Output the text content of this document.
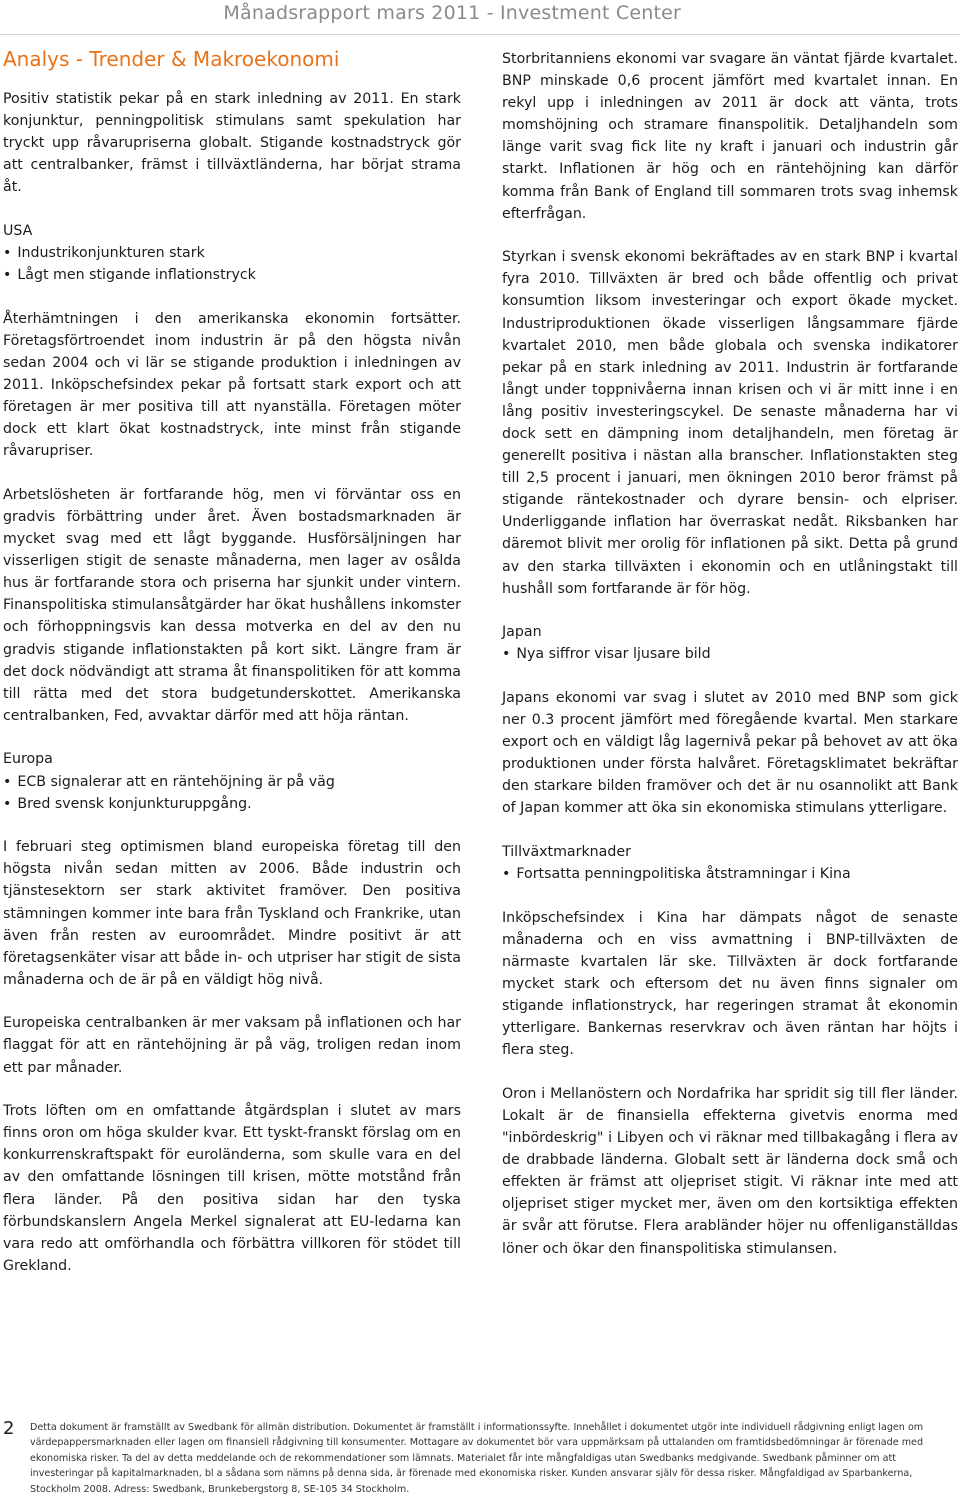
Månadsrapport mars 2011 - Investment Center
Analys - Trender & Makroekonomi

Positiv statistik pekar på en stark inledning av 2011. En stark konjunktur, penningpolitisk stimulans samt spekulation har tryckt upp råvarupriserna globalt. Stigande kostnadstryck gör att centralbanker, främst i tillväxtländerna, har börjat strama åt.

USA
• Industrikonjunkturen stark
• Lågt men stigande inflationstryck

Återhämtningen i den amerikanska ekonomin fortsätter. Företagsförtroendet inom industrin är på den högsta nivån sedan 2004 och vi lär se stigande produktion i inledningen av 2011. Inköpschefsindex pekar på fortsatt stark export och att företagen är mer positiva till att nyanställa. Företagen möter dock ett klart ökat kostnadstryck, inte minst från stigande råvarupriser.

Arbetslösheten är fortfarande hög, men vi förväntar oss en gradvis förbättring under året. Även bostadsmarknaden är mycket svag med ett lågt byggande. Husförsäljningen har visserligen stigit de senaste månaderna, men lager av osålda hus är fortfarande stora och priserna har sjunkit under vintern. Finanspolitiska stimulansåtgärder har ökat hushållens inkomster och förhoppningsvis kan dessa motverka en del av den nu gradvis stigande inflationstakten på kort sikt. Längre fram är det dock nödvändigt att strama åt finanspolitiken för att komma till rätta med det stora budgetunderskottet. Amerikanska centralbanken, Fed, avvaktar därför med att höja räntan.

Europa
• ECB signalerar att en räntehöjning är på väg
• Bred svensk konjunkturuppgång.

I februari steg optimismen bland europeiska företag till den högsta nivån sedan mitten av 2006. Både industrin och tjänstesektorn ser stark aktivitet framöver. Den positiva stämningen kommer inte bara från Tyskland och Frankrike, utan även från resten av euroområdet. Mindre positivt är att företagsenkäter visar att både in- och utpriser har stigit de sista månaderna och de är på en väldigt hög nivå.

Europeiska centralbanken är mer vaksam på inflationen och har flaggat för att en räntehöjning är på väg, troligen redan inom ett par månader.

Trots löften om en omfattande åtgärdsplan i slutet av mars finns oron om höga skulder kvar. Ett tyskt-franskt förslag om en konkurrenskraftspakt för euroländerna, som skulle vara en del av den omfattande lösningen till krisen, mötte motstånd från flera länder. På den positiva sidan har den tyska förbundskanslern Angela Merkel signalerat att EU-ledarna kan vara redo att omförhandla och förbättra villkoren för stödet till Grekland.

Storbritanniens ekonomi var svagare än väntat fjärde kvartalet. BNP minskade 0,6 procent jämfört med kvartalet innan. En rekyl upp i inledningen av 2011 är dock att vänta, trots momshöjning och stramare finanspolitik. Detaljhandeln som länge varit svag fick lite ny kraft i januari och industrin går starkt. Inflationen är hög och en räntehöjning kan därför komma från Bank of England till sommaren trots svag inhemsk efterfrågan.

Styrkan i svensk ekonomi bekräftades av en stark BNP i kvartal fyra 2010. Tillväxten är bred och både offentlig och privat konsumtion liksom investeringar och export ökade mycket. Industriproduktionen ökade visserligen långsammare fjärde kvartalet 2010, men både globala och svenska indikatorer pekar på en stark inledning av 2011. Industrin är fortfarande långt under toppnivåerna innan krisen och vi är mitt inne i en lång positiv investeringscykel. De senaste månaderna har vi dock sett en dämpning inom detaljhandeln, men företag är generellt positiva i nästan alla branscher. Inflationstakten steg till 2,5 procent i januari, men ökningen 2010 beror främst på stigande räntekostnader och dyrare bensin- och elpriser. Underliggande inflation har överraskat nedåt. Riksbanken har däremot blivit mer orolig för inflationen på sikt. Detta på grund av den starka tillväxten i ekonomin och en utlåningstakt till hushåll som fortfarande är för hög.

Japan
• Nya siffror visar ljusare bild

Japans ekonomi var svag i slutet av 2010 med BNP som gick ner 0.3 procent jämfört med föregående kvartal. Men starkare export och en väldigt låg lagernivå pekar på behovet av att öka produktionen under första halvåret. Företagsklimatet bekräftar den starkare bilden framöver och det är nu osannolikt att Bank of Japan kommer att öka sin ekonomiska stimulans ytterligare.

Tillväxtmarknader
• Fortsatta penningpolitiska åtstramningar i Kina

Inköpschefsindex i Kina har dämpats något de senaste månaderna och en viss avmattning i BNP-tillväxten de närmaste kvartalen lär ske. Tillväxten är dock fortfarande mycket stark och eftersom det nu även finns signaler om stigande inflationstryck, har regeringen stramat åt ekonomin ytterligare. Bankernas reservkrav och även räntan har höjts i flera steg.

Oron i Mellanöstern och Nordafrika har spridit sig till fler länder. Lokalt är de finansiella effekterna givetvis enorma med "inbördeskrig" i Libyen och vi räknar med tillbakagång i flera av de drabbade länderna. Globalt sett är länderna dock små och effekten är främst att oljepriset stigit. Vi räknar inte med att oljepriset stiger mycket mer, även om den kortsiktiga effekten är svår att förutse. Flera arabländer höjer nu offenliganställdas löner och ökar den finanspolitiska stimulansen.

2 Detta dokument är framställt av Swedbank för allmän distribution. Dokumentet är framställt i informationssyfte. Innehållet i dokumentet utgör inte individuell rådgivning enligt lagen om värdepappersmarknaden eller lagen om finansiell rådgivning till konsumenter. Mottagare av dokumentet bör vara uppmärksam på uttalanden om framtidsbedömningar är förenade med ekonomiska risker. Ta del av detta meddelande och de rekommendationer som lämnats. Materialet får inte mångfaldigas utan Swedbanks medgivande. Swedbank påminner om att investeringar på kapitalmarknaden, bl a sådana som nämns på denna sida, är förenade med ekonomiska risker. Kunden ansvarar själv för dessa risker. Mångfaldigad av Sparbankerna, Stockholm 2008. Adress: Swedbank, Brunkebergstorg 8, SE-105 34 Stockholm.
